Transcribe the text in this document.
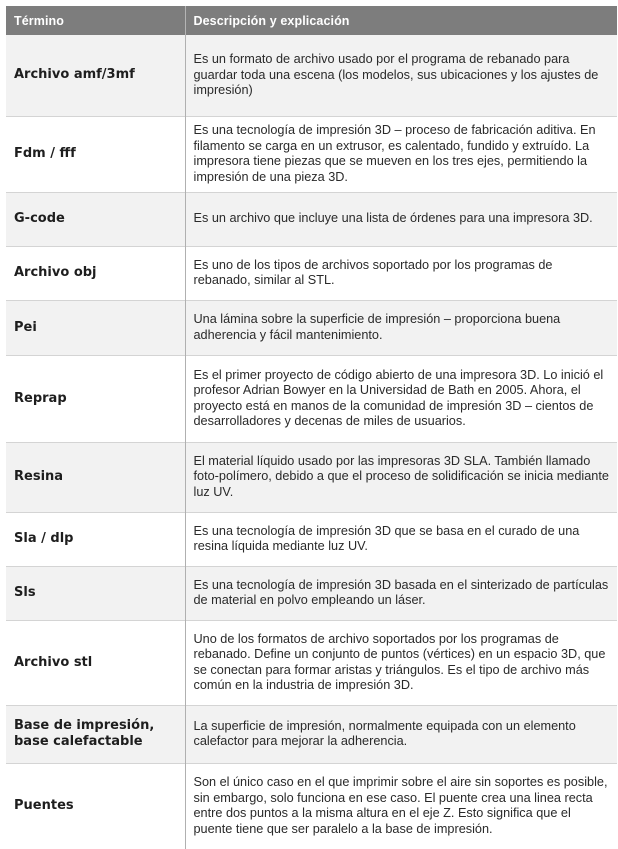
Término	Descripción y explicación
Archivo amf/3mf	Es un formato de archivo usado por el programa de rebanado para guardar toda una escena (los modelos, sus ubicaciones y los ajustes de impresión)
Fdm / fff	Es una tecnología de impresión 3D – proceso de fabricación aditiva. En filamento se carga en un extrusor, es calentado, fundido y extruído. La impresora tiene piezas que se mueven en los tres ejes, permitiendo la impresión de una pieza 3D.
G-code	Es un archivo que incluye una lista de órdenes para una impresora 3D.
Archivo obj	Es uno de los tipos de archivos soportado por los programas de rebanado, similar al STL.
Pei	Una lámina sobre la superficie de impresión – proporciona buena adherencia y fácil mantenimiento.
Reprap	Es el primer proyecto de código abierto de una impresora 3D. Lo inició el profesor Adrian Bowyer en la Universidad de Bath en 2005. Ahora, el proyecto está en manos de la comunidad de impresión 3D – cientos de desarrolladores y decenas de miles de usuarios.
Resina	El material líquido usado por las impresoras 3D SLA. También llamado foto-polímero, debido a que el proceso de solidificación se inicia mediante luz UV.
Sla / dlp	Es una tecnología de impresión 3D que se basa en el curado de una resina líquida mediante luz UV.
Sls	Es una tecnología de impresión 3D basada en el sinterizado de partículas de material en polvo empleando un láser.
Archivo stl	Uno de los formatos de archivo soportados por los programas de rebanado. Define un conjunto de puntos (vértices) en un espacio 3D, que se conectan para formar aristas y triángulos. Es el tipo de archivo más común en la industria de impresión 3D.
Base de impresión, base calefactable	La superficie de impresión, normalmente equipada con un elemento calefactor para mejorar la adherencia.
Puentes	Son el único caso en el que imprimir sobre el aire sin soportes es posible, sin embargo, solo funciona en ese caso. El puente crea una linea recta entre dos puntos a la misma altura en el eje Z. Esto significa que el puente tiene que ser paralelo a la base de impresión.
